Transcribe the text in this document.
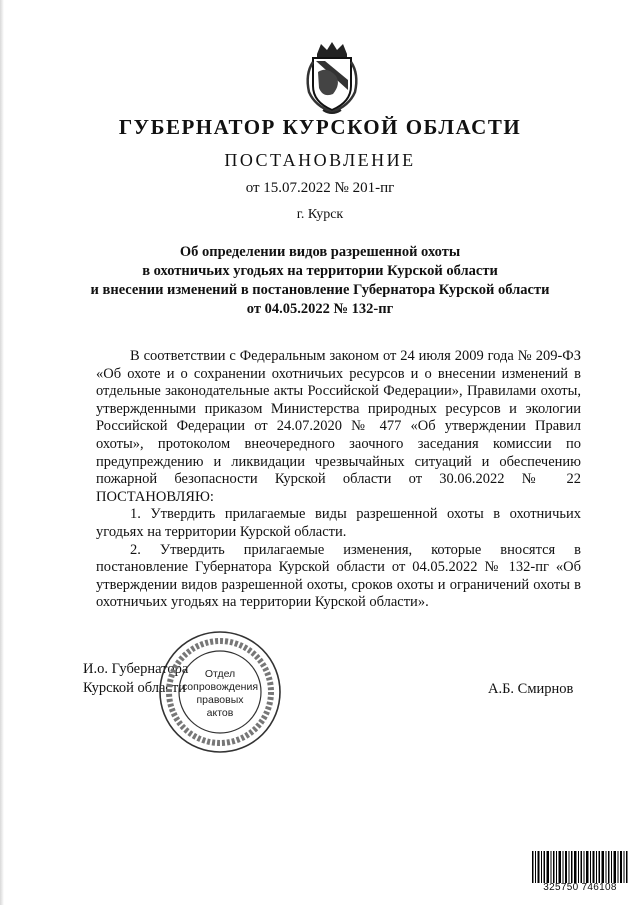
ГУБЕРНАТОР КУРСКОЙ ОБЛАСТИ
ПОСТАНОВЛЕНИЕ
от 15.07.2022 № 201-пг
г. Курск
Об определении видов разрешенной охоты
в охотничьих угодьях на территории Курской области
и внесении изменений в постановление Губернатора Курской области
от 04.05.2022 № 132-пг

В соответствии с Федеральным законом от 24 июля 2009 года № 209-ФЗ «Об охоте и о сохранении охотничьих ресурсов и о внесении изменений в отдельные законодательные акты Российской Федерации», Правилами охоты, утвержденными приказом Министерства природных ресурсов и экологии Российской Федерации от 24.07.2020 № 477 «Об утверждении Правил охоты», протоколом внеочередного заочного заседания комиссии по предупреждению и ликвидации чрезвычайных ситуаций и обеспечению пожарной безопасности Курской области от 30.06.2022 № 22 ПОСТАНОВЛЯЮ:

1. Утвердить прилагаемые виды разрешенной охоты в охотничьих угодьях на территории Курской области.

2. Утвердить прилагаемые изменения, которые вносятся в постановление Губернатора Курской области от 04.05.2022 № 132-пг «Об утверждении видов разрешенной охоты, сроков охоты и ограничений охоты в охотничьих угодьях на территории Курской области».

И.о. Губернатора
Курской области	А.Б. Смирнов
Отдел
сопровождения
правовых
актов
325750 746108
